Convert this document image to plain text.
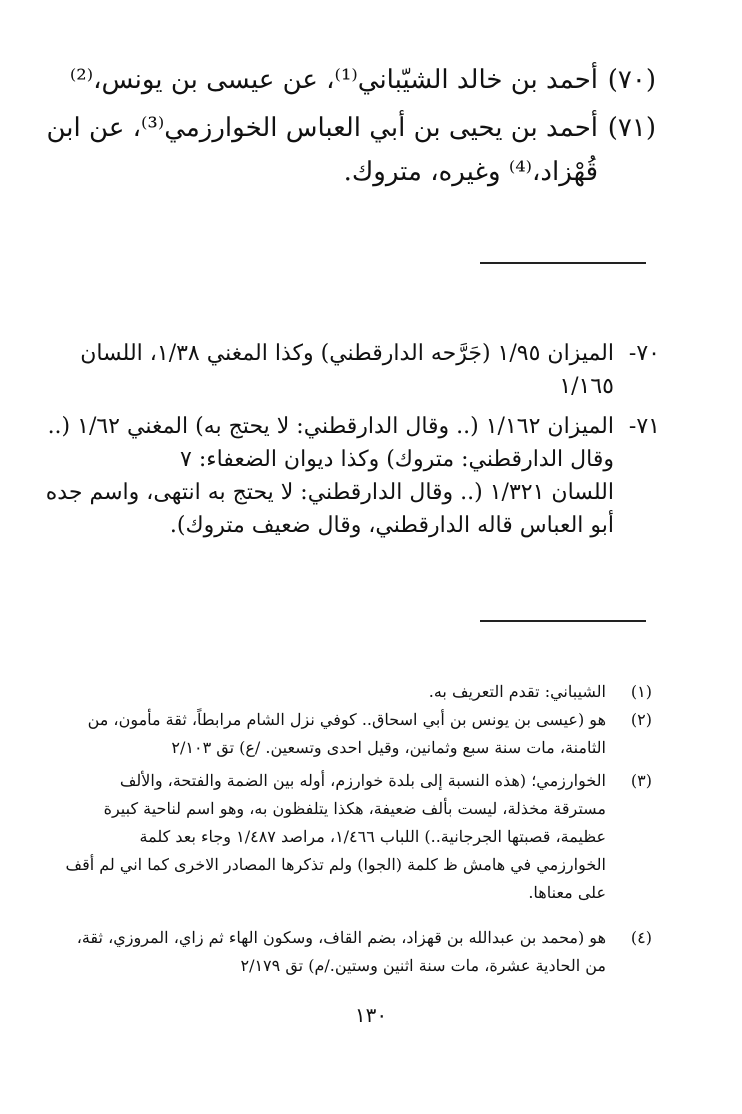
(٧٠)
أحمد بن خالد الشيّباني⁽¹⁾، عن عيسى بن يونس،⁽²⁾
(٧١)
أحمد بن يحيى بن أبي العباس الخوارزمي⁽³⁾، عن ابن
قُهْزاد،⁽⁴⁾ وغيره، متروك.
٧٠-
الميزان ١/٩٥ (جَرَّحه الدارقطني) وكذا المغني ١/٣٨، اللسان
١/١٦٥
٧١-
الميزان ١/١٦٢ (.. وقال الدارقطني: لا يحتج به) المغني ١/٦٢ (..
وقال الدارقطني: متروك) وكذا ديوان الضعفاء: ٧
اللسان ١/٣٢١ (.. وقال الدارقطني: لا يحتج به انتهى، واسم جده
أبو العباس قاله الدارقطني، وقال ضعيف متروك).
(١)
الشيباني: تقدم التعريف به.
(٢)
هو (عيسى بن يونس بن أبي اسحاق.. كوفي نزل الشام مرابطاً، ثقة مأمون، من
الثامنة، مات سنة سبع وثمانين، وقيل احدى وتسعين. /ع) تق ٢/١٠٣
(٣)
الخوارزمي؛ (هذه النسبة إلى بلدة خوارزم، أوله بين الضمة والفتحة، والألف
مسترقة مخذلة، ليست بألف ضعيفة، هكذا يتلفظون به، وهو اسم لناحية كبيرة
عظيمة، قصبتها الجرجانية..) اللباب ١/٤٦٦، مراصد ١/٤٨٧ وجاء بعد كلمة
الخوارزمي في هامش ظ كلمة (الجوا) ولم تذكرها المصادر الاخرى كما اني لم أقف
على معناها.
(٤)
هو (محمد بن عبدالله بن قهزاد، بضم القاف، وسكون الهاء ثم زاي، المروزي، ثقة،
من الحادية عشرة، مات سنة اثنين وستين./م) تق ٢/١٧٩
١٣٠
